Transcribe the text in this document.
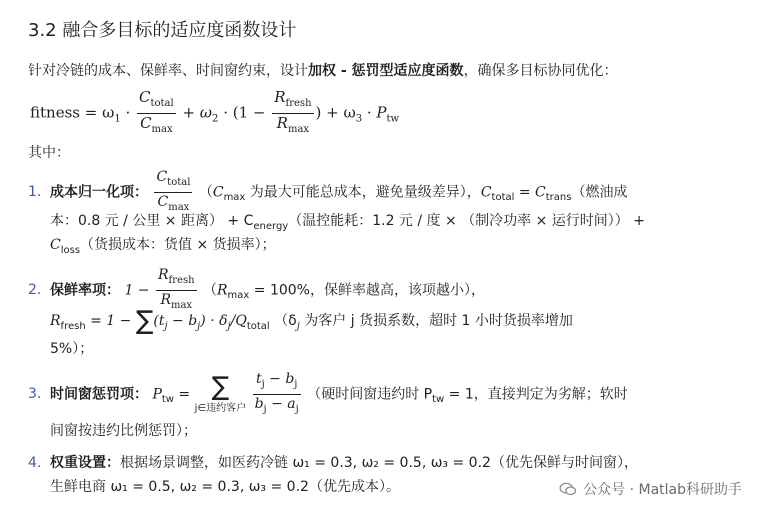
3.2 融合多目标的适应度函数设计
针对冷链的成本、保鲜率、时间窗约束，设计加权 - 惩罚型适应度函数，确保多目标协同优化：
fitness = $\omega_1 \cdot \frac{C_{total}}{C_{max}} + \omega_2 \cdot (1 - \frac{R_{fresh}}{R_{max}}$ ) + $\omega_3 \cdot P_{tw}$
其中：
1. 成本归一化项： $\frac{C_{total}}{C_{max}} (C_{max}$ 为最大可能总成本，避免量级差异），$C_{total} = C_{trans}$（燃油成
本：0.8 元 / 公里 × 距离） + $C_{energy}$（温控能耗：1.2 元 / 度 × （制冷功率 × 运行时间）） +
$C_{loss}$（货损成本：货值 × 货损率）；
2. 保鲜率项： $1 - \frac{R_{fresh}}{R_{max}} (R_{max} = 100\%$，保鲜率越高，该项越小），
$R_{fresh} = 1 - \sum(t_j - b_j) \cdot \delta_j/Q_{total}$ （$\delta_j$ 为客户 j 货损系数，超时 1 小时货损率增加
5%）；
3. 时间窗惩罚项： $P_{tw}$ = ∑
j∈违约客户
$\frac{t_j - b_j}{b_j - a_j}$ （硬时间窗违约时 $P_{tw} = 1$，直接判定为劣解；软时
间窗按违约比例惩罚）；
4. 权重设置：根据场景调整，如医药冷链 ω₁ = 0.3, ω₂ = 0.5, ω₃ = 0.2（优先保鲜与时间窗），
生鲜电商 ω₁ = 0.5, ω₂ = 0.3, ω₃ = 0.2（优先成本）。	公众号 · Matlab科研助手
